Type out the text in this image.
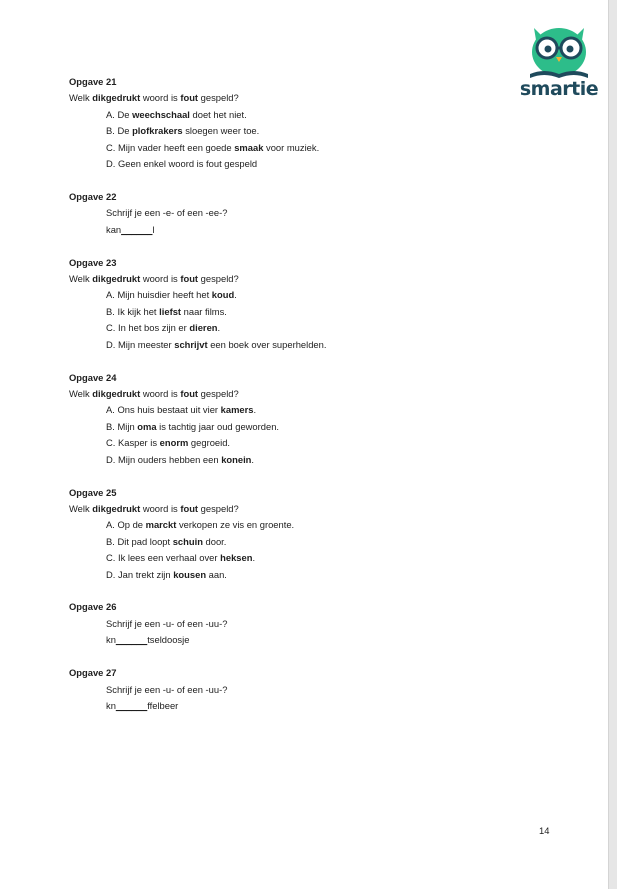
smartie
Opgave 21
Welk dikgedrukt woord is fout gespeld?
A. De weechschaal doet het niet.
B. De plofkrakers sloegen weer toe.
C. Mijn vader heeft een goede smaak voor muziek.
D. Geen enkel woord is fout gespeld
Opgave 22
Schrijf je een -e- of een -ee-?
kan______l
Opgave 23
Welk dikgedrukt woord is fout gespeld?
A. Mijn huisdier heeft het koud.
B. Ik kijk het liefst naar films.
C. In het bos zijn er dieren.
D. Mijn meester schrijvt een boek over superhelden.
Opgave 24
Welk dikgedrukt woord is fout gespeld?
A. Ons huis bestaat uit vier kamers.
B. Mijn oma is tachtig jaar oud geworden.
C. Kasper is enorm gegroeid.
D. Mijn ouders hebben een konein.
Opgave 25
Welk dikgedrukt woord is fout gespeld?
A. Op de marckt verkopen ze vis en groente.
B. Dit pad loopt schuin door.
C. Ik lees een verhaal over heksen.
D. Jan trekt zijn kousen aan.
Opgave 26
Schrijf je een -u- of een -uu-?
kn______tseldoosje
Opgave 27
Schrijf je een -u- of een -uu-?
kn______ffelbeer
14
